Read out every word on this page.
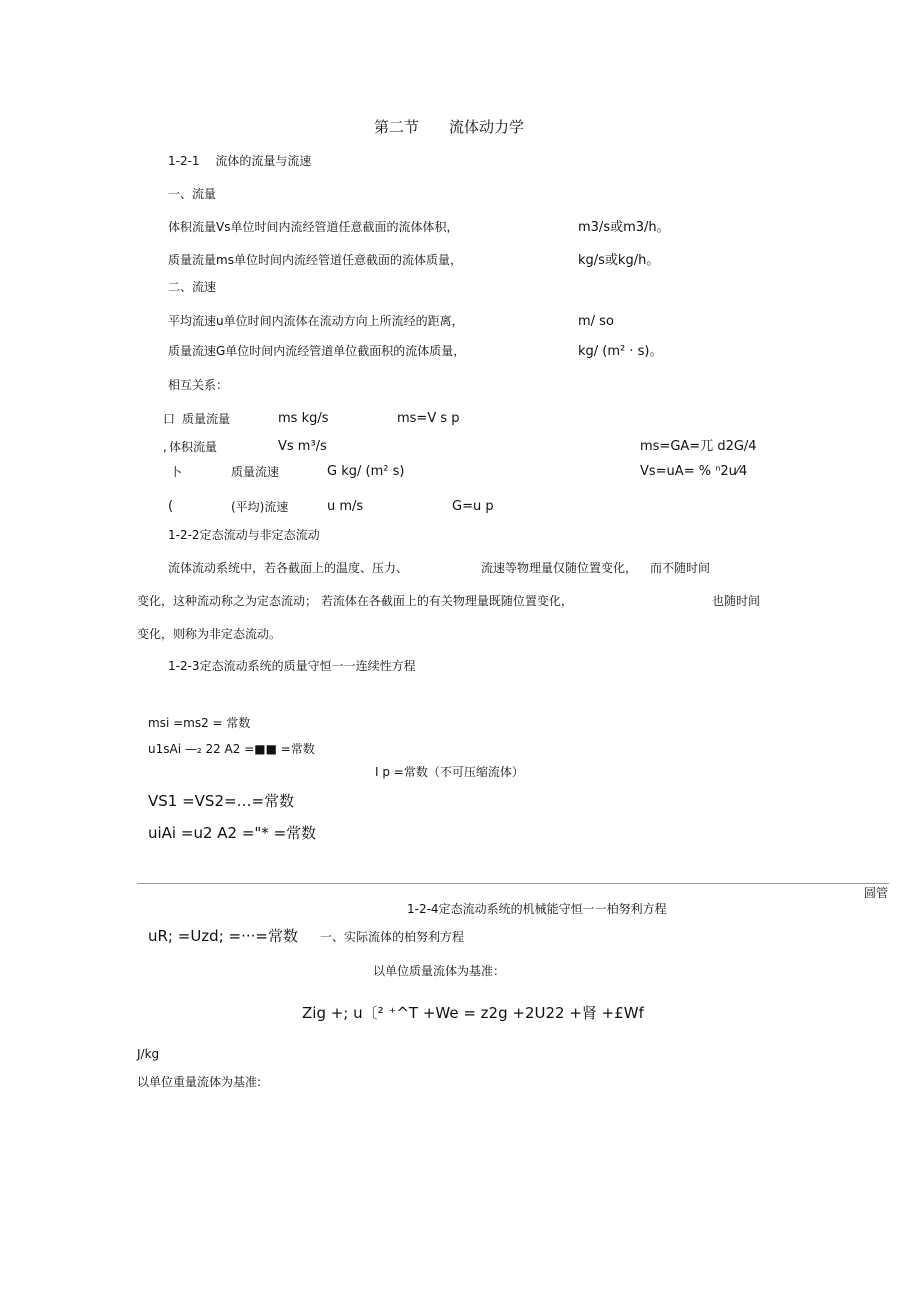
第二节　　流体动力学
1-2-1　 流体的流量与流速
一、流量
体积流量Vs单位时间内流经管道任意截面的流体体积，	m3/s或m3/h。
质量流量ms单位时间内流经管道任意截面的流体质量，	kg/s或kg/h。
二、流速
平均流速u单位时间内流体在流动方向上所流经的距离，	m/ so
质量流速G单位时间内流经管道单位截面积的流体质量，	kg/ (m² · s)。
相互关系：
口 质量流量	ms kg/s	ms=V s p
, 体积流量	Vs m³/s	ms=GA=兀 d2G/4
卜	质量流速	G kg/ (m² s)	Vs=uA= % ⁿ2u⁄4
(	(平均)流速	u m/s	G=u p
1-2-2定态流动与非定态流动
流体流动系统中，若各截面上的温度、压力、	流速等物理量仅随位置变化， 而不随时间
变化，这种流动称之为定态流动； 若流体在各截面上的有关物理量既随位置变化，	也随时间
变化，则称为非定态流动。
1-2-3定态流动系统的质量守恒一一连续性方程
msi =ms2 = 常数
u1sAi —₂ 22 A2 =■■ =常数
I p =常数（不可压缩流体）
VS1 =VS2=…=常数
uiAi =u2 A2 ="* =常数
圆管
1-2-4定态流动系统的机械能守恒一一柏努利方程
uR; =Uzd; =···=常数 一、实际流体的柏努利方程
以单位质量流体为基准：
Zig +; u〔² ⁺^T +We = z2g +2U22 +肾 +£Wf
J/kg
以单位重量流体为基准:
